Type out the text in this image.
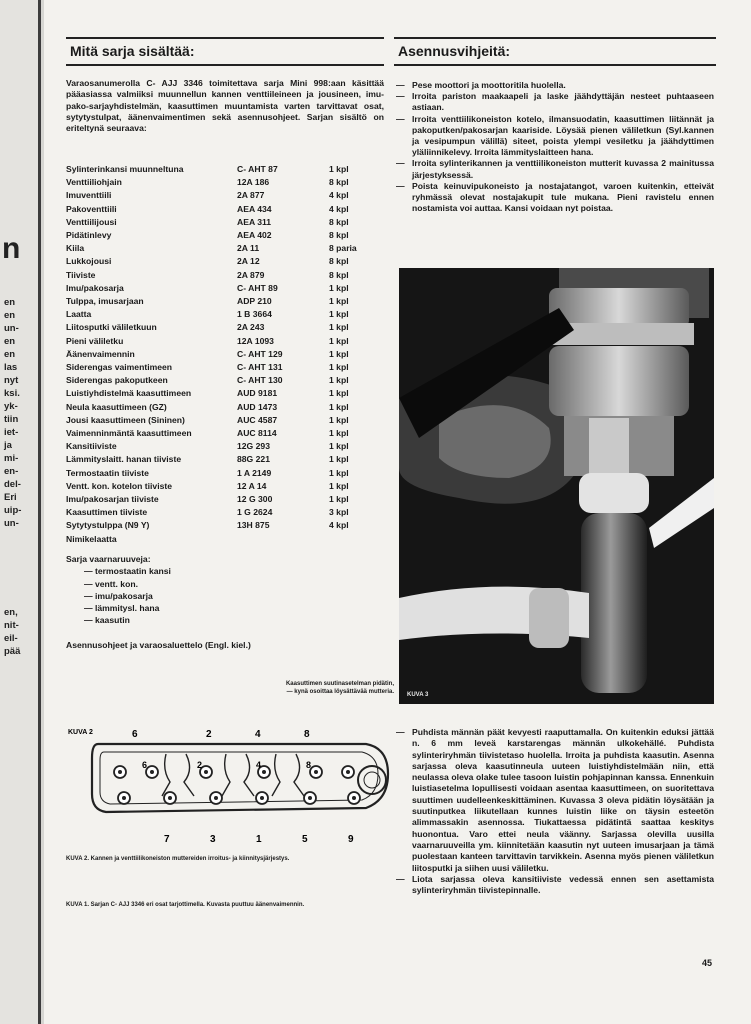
n
en
en
un-
en
en
las
nyt
ksi.
yk-
tiin
iet-
ja
mi-
en-
del-
Eri
uip-
un-
en,
nit-
eil-
pää
Mitä sarja sisältää:

Varaosanumerolla C- AJJ 3346 toimitettava sarja Mini 998:aan käsittää pääasiassa valmiiksi muunnellun kannen venttiileineen ja jousineen, imu- pako-sarjayhdistelmän, kaasuttimen muuntamista varten tarvittavat osat, sytytystulpat, äänenvaimentimen sekä asennusohjeet. Sarjan sisältö on eriteltynä seuraava:

Sylinterinkansi muunneltuna	C- AHT 87	1 kpl
Venttiiliohjain	12A 186	8 kpl
Imuventtiili	2A 877	4 kpl
Pakoventtiili	AEA 434	4 kpl
Venttiilijousi	AEA 311	8 kpl
Pidätinlevy	AEA 402	8 kpl
Kiila	2A 11	8 paria
Lukkojousi	2A 12	8 kpl
Tiiviste	2A 879	8 kpl
Imu/pakosarja	C- AHT 89	1 kpl
Tulppa, imusarjaan	ADP 210	1 kpl
Laatta	1 B 3664	1 kpl
Liitosputki väliletkuun	2A 243	1 kpl
Pieni väliletku	12A 1093	1 kpl
Äänenvaimennin	C- AHT 129	1 kpl
Siderengas vaimentimeen	C- AHT 131	1 kpl
Siderengas pakoputkeen	C- AHT 130	1 kpl
Luistiyhdistelmä kaasuttimeen	AUD 9181	1 kpl
Neula kaasuttimeen (GZ)	AUD 1473	1 kpl
Jousi kaasuttimeen (Sininen)	AUC 4587	1 kpl
Vaimenninmäntä kaasuttimeen	AUC 8114	1 kpl
Kansitiiviste	12G 293	1 kpl
Lämmityslaitt. hanan tiiviste	88G 221	1 kpl
Termostaatin tiiviste	1 A 2149	1 kpl
Ventt. kon. kotelon tiiviste	12 A 14	1 kpl
Imu/pakosarjan tiiviste	12 G 300	1 kpl
Kaasuttimen tiiviste	1 G 2624	3 kpl
Sytytystulppa (N9 Y)	13H 875	4 kpl
Nimikelaatta		
Sarja vaarnaruuveja:
— termostaatin kansi
— ventt. kon.
— imu/pakosarja
— lämmitysl. hana
— kaasutin
Asennusohjeet ja varaosaluettelo (Engl. kiel.)
Kaasuttimen suutinasetelman pidätin,
— kynä osoittaa löysättävää mutteria.
KUVA 2	6	2	4	8
6	2	4	8
7	3	1	5	9
KUVA 2. Kannen ja venttiilikoneiston muttereiden irroitus- ja kiinnitysjärjestys.
KUVA 1. Sarjan C- AJJ 3346 eri osat tarjottimella. Kuvasta puuttuu äänenvaimennin.
Asennusvihjeitä:
— Pese moottori ja moottoritila huolella.
— Irroita pariston maakaapeli ja laske jäähdyttäjän nesteet puhtaaseen astiaan.
— Irroita venttiilikoneiston kotelo, ilmansuodatin, kaasuttimen liitännät ja pakoputken/pakosarjan kaariside. Löysää pienen väliletkun (Syl.kannen ja vesipumpun välillä) siteet, poista ylempi vesiletku ja jäähdyttimen yläliinnikelevy. Irroita lämmityslaitteen hana.
— Irroita sylinterikannen ja venttiilikoneiston mutterit kuvassa 2 mainitussa järjestyksessä.
— Poista keinuvipukoneisto ja nostajatangot, varoen kuitenkin, etteivät ryhmässä olevat nostajakupit tule mukana. Pieni ravistelu ennen nostamista voi auttaa. Kansi voidaan nyt poistaa.
KUVA 3
— Puhdista männän päät kevyesti raaputtamalla. On kuitenkin eduksi jättää n. 6 mm leveä karstarengas männän ulkokehällé. Puhdista sylinteriryhmän tiivistetaso huolella. Irroita ja puhdista kaasutin. Asenna sarjassa oleva kaasutinneula uuteen luistiyhdistelmään niin, että neulassa oleva olake tulee tasoon luistin pohjapinnan kanssa. Ennenkuin luistiasetelma lopullisesti voidaan asentaa kaasuttimeen, on suoritettava suuttimen uudelleenkeskittäminen. Kuvassa 3 oleva pidätin löysätään ja suutinputkea liikutellaan kunnes luistin liike on täysin esteetön alimmassakin asennossa. Tiukattaessa pidätintä saattaa keskitys huonontua. Varo ettei neula väänny. Sarjassa olevilla uusilla vaarnaruuveilla ym. kiinnitetään kaasutin nyt uuteen imusarjaan ja tämä puolestaan kanteen tarvittavin tarvikkein. Asenna myös pienen väliletkun liitosputki ja siihen uusi väliletku.
— Liota sarjassa oleva kansitiiviste vedessä ennen sen asettamista sylinteriryhmän tiivistepinnalle.
45
